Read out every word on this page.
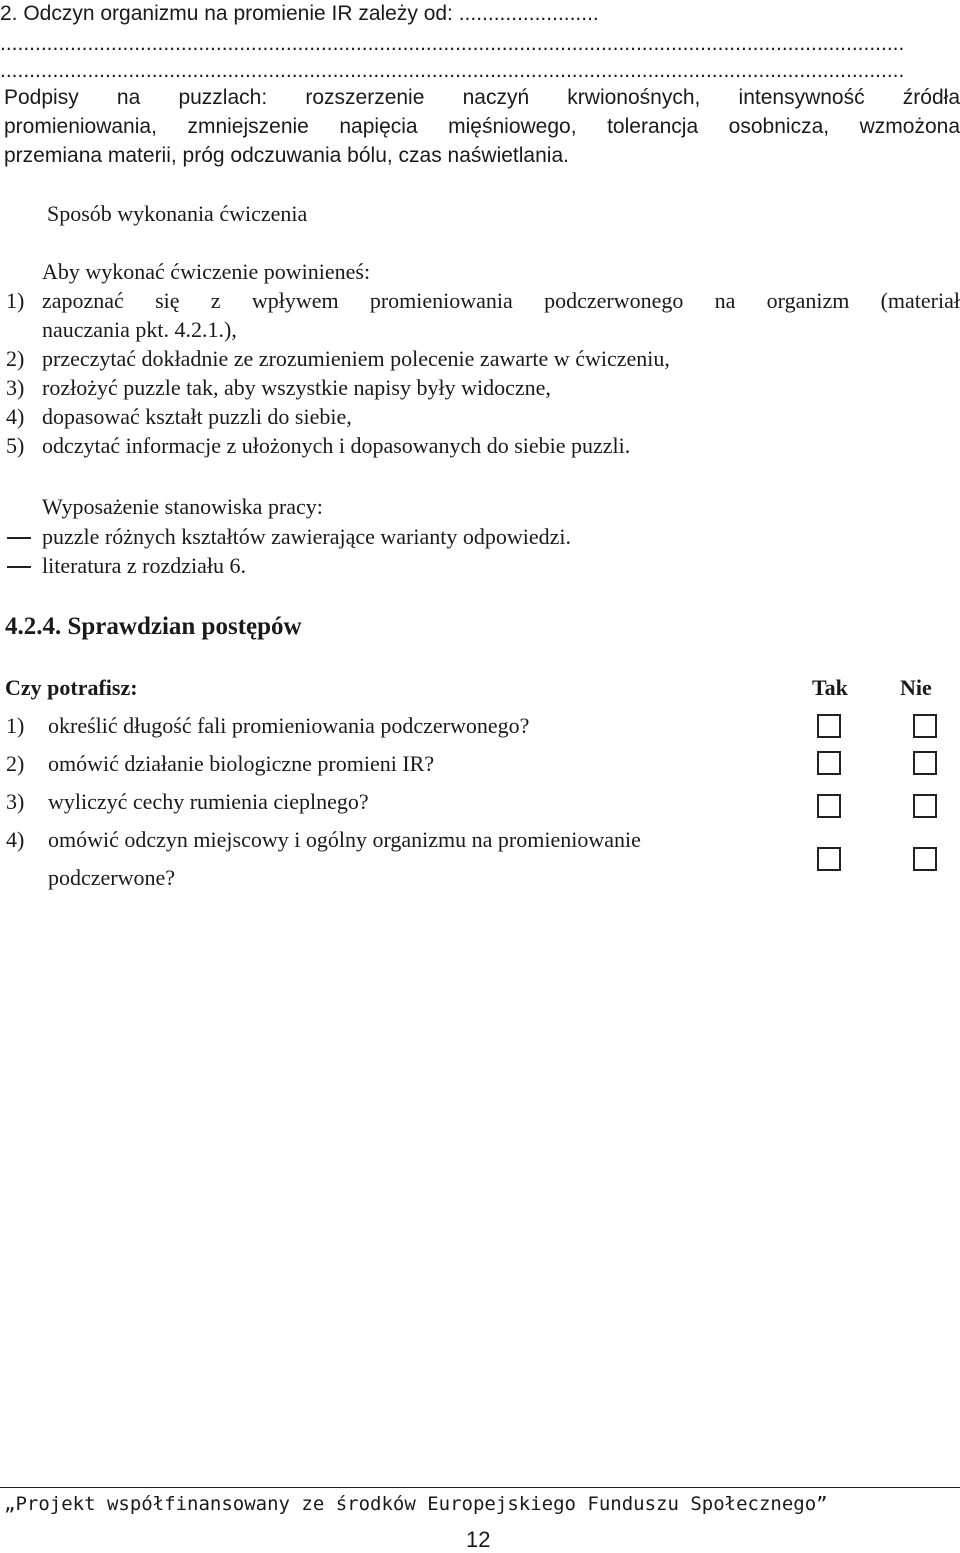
2. Odczyn organizmu na promienie IR zależy od: ........................
...........................................................................................................................................................
...........................................................................................................................................................
Podpisy na puzzlach: rozszerzenie naczyń krwionośnych, intensywność źródła
promieniowania, zmniejszenie napięcia mięśniowego, tolerancja osobnicza, wzmożona
przemiana materii, próg odczuwania bólu, czas naświetlania.
Sposób wykonania ćwiczenia
Aby wykonać ćwiczenie powinieneś:
1) zapoznać się z wpływem promieniowania podczerwonego na organizm (materiał
nauczania pkt. 4.2.1.),
2) przeczytać dokładnie ze zrozumieniem polecenie zawarte w ćwiczeniu,
3) rozłożyć puzzle tak, aby wszystkie napisy były widoczne,
4) dopasować kształt puzzli do siebie,
5) odczytać informacje z ułożonych i dopasowanych do siebie puzzli.
Wyposażenie stanowiska pracy:
puzzle różnych kształtów zawierające warianty odpowiedzi.
literatura z rozdziału 6.
4.2.4. Sprawdzian postępów
Czy potrafisz:	Tak Nie
1) określić długość fali promieniowania podczerwonego?
2) omówić działanie biologiczne promieni IR?
3) wyliczyć cechy rumienia cieplnego?
4) omówić odczyn miejscowy i ogólny organizmu na promieniowanie
podczerwone?
„Projekt współfinansowany ze środków Europejskiego Funduszu Społecznego”
12
